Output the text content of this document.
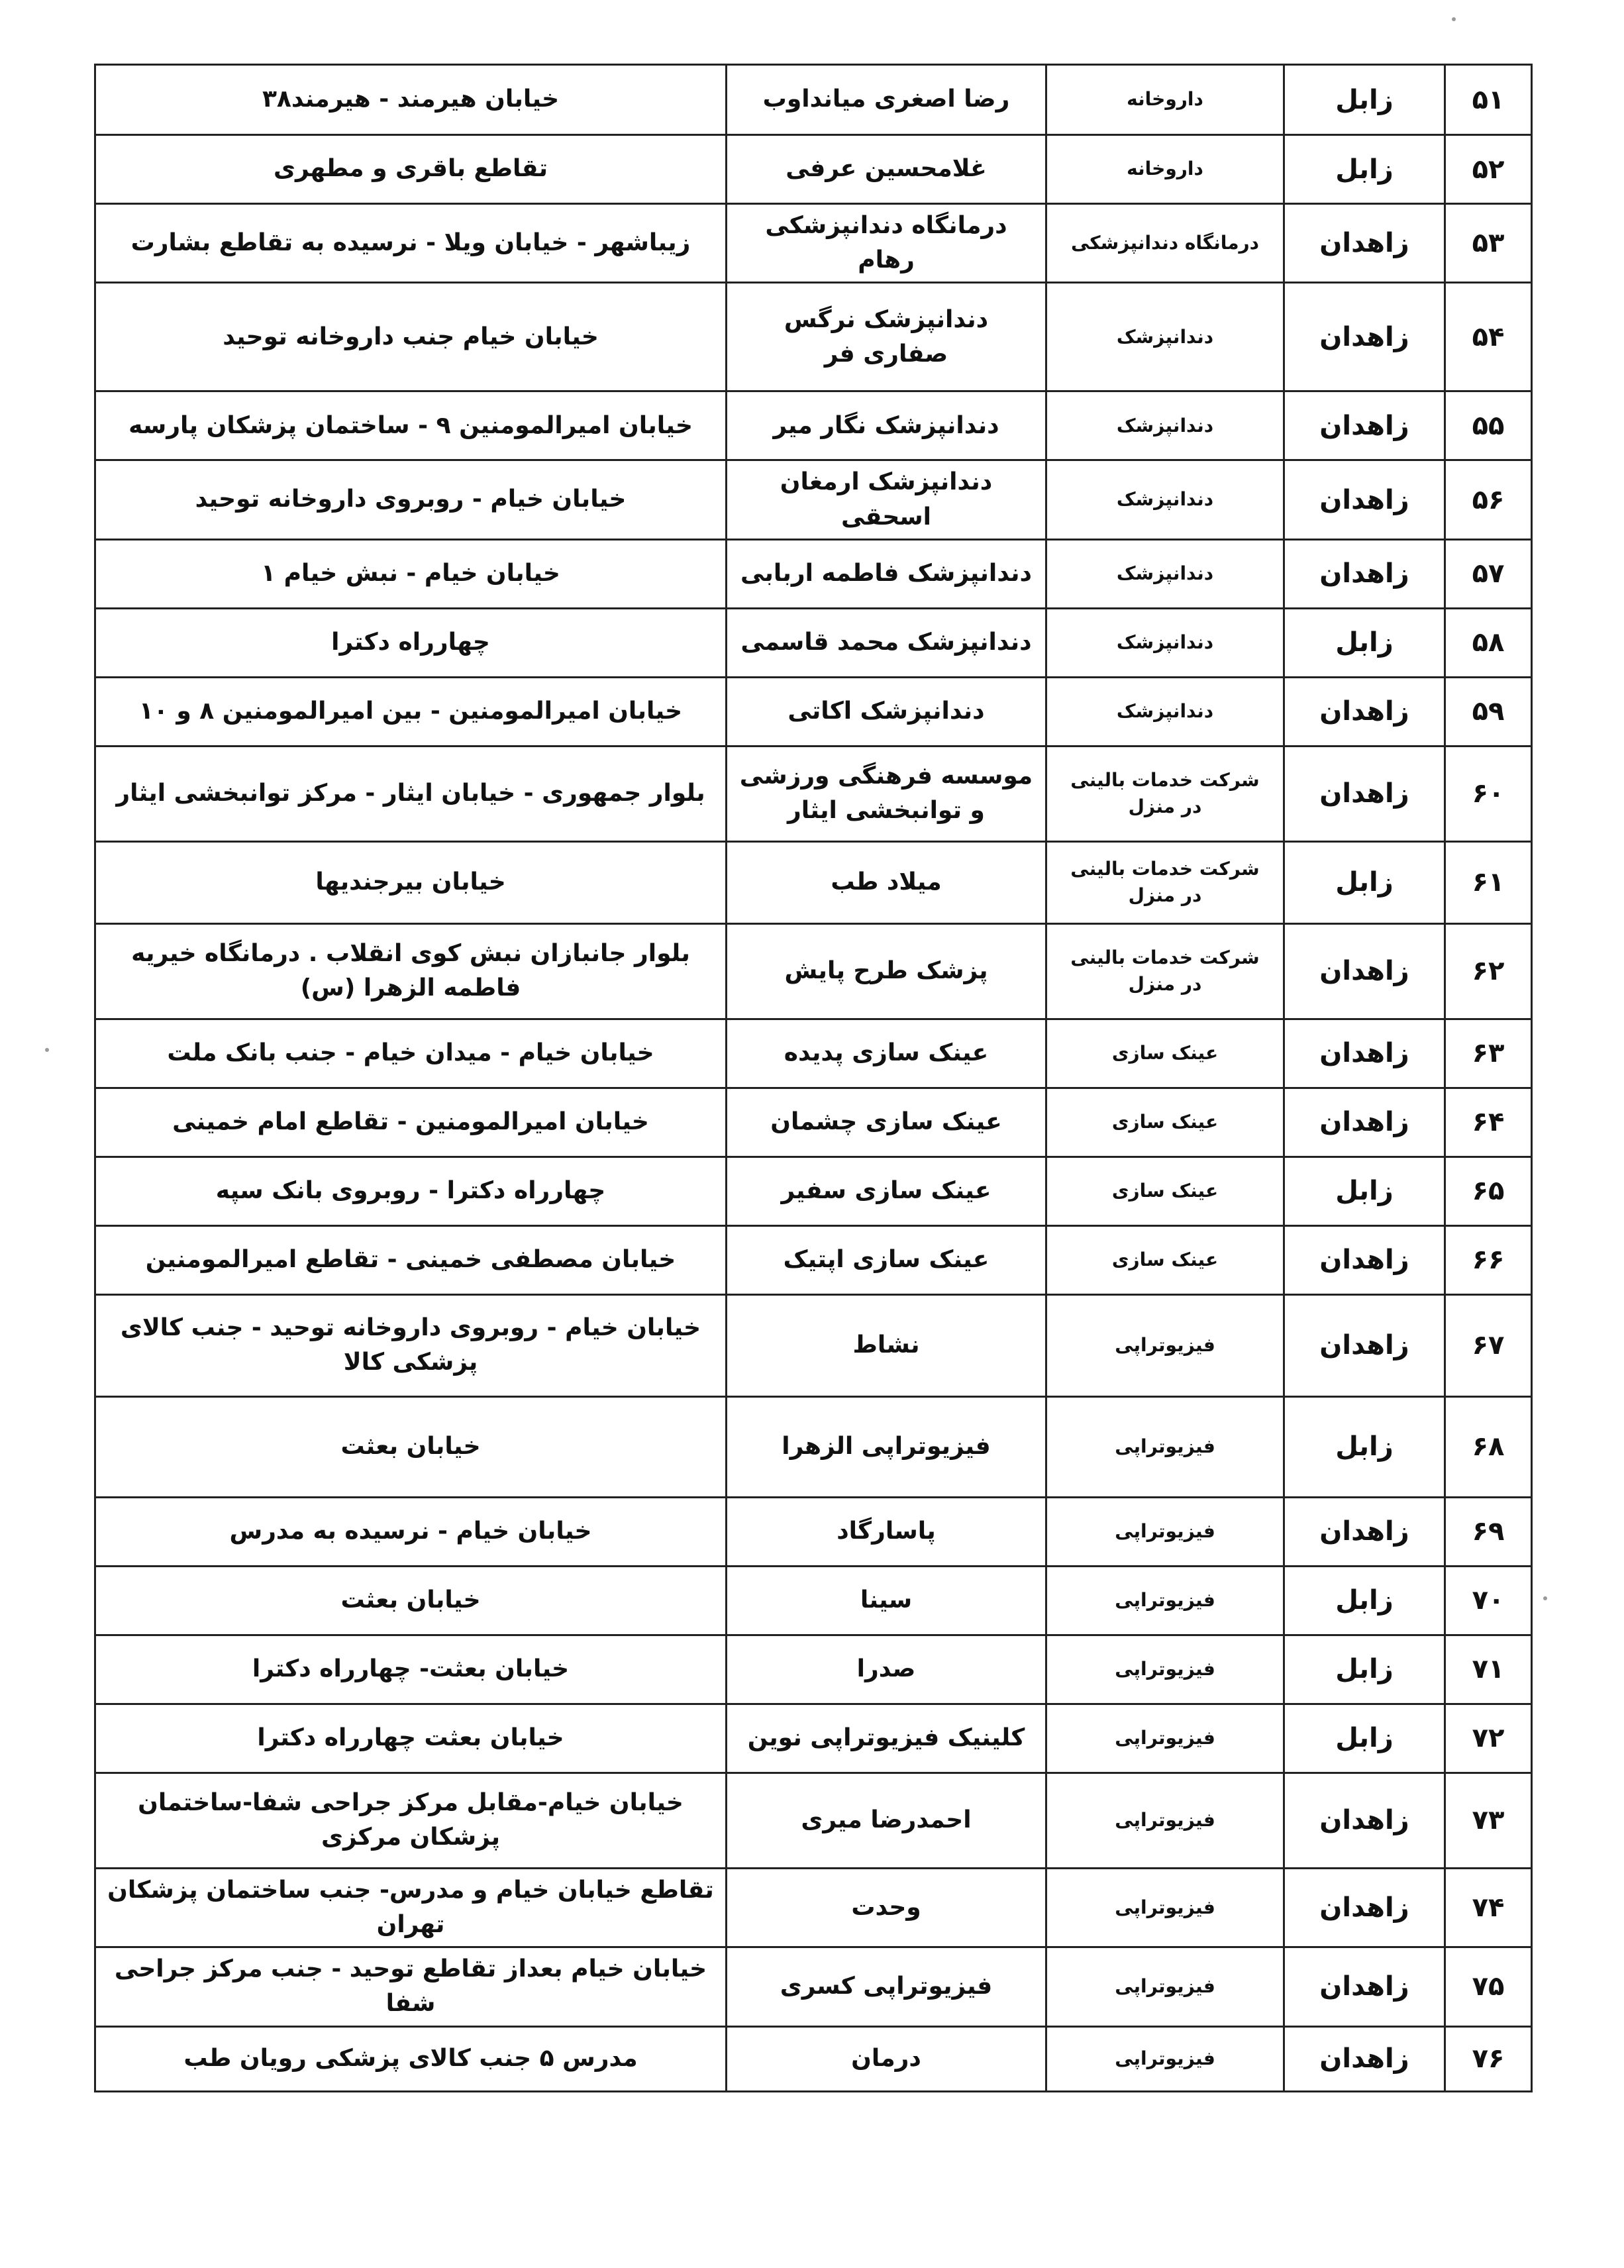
۵۱	زابل	داروخانه	رضا اصغری میانداوب	خیابان هیرمند - هیرمند۳۸
۵۲	زابل	داروخانه	غلامحسین عرفی	تقاطع باقری و مطهری
۵۳	زاهدان	درمانگاه دندانپزشکی	درمانگاه دندانپزشکی رهام	زیباشهر - خیابان ویلا - نرسیده به تقاطع بشارت
۵۴	زاهدان	دندانپزشک	دندانپزشک نرگس صفاری فر	خیابان خیام جنب داروخانه توحید
۵۵	زاهدان	دندانپزشک	دندانپزشک نگار میر	خیابان امیرالمومنین ۹ - ساختمان پزشکان پارسه
۵۶	زاهدان	دندانپزشک	دندانپزشک ارمغان اسحقی	خیابان خیام - روبروی داروخانه توحید
۵۷	زاهدان	دندانپزشک	دندانپزشک فاطمه اربابی	خیابان خیام - نبش خیام ۱
۵۸	زابل	دندانپزشک	دندانپزشک محمد قاسمی	چهارراه دکترا
۵۹	زاهدان	دندانپزشک	دندانپزشک اکاتی	خیابان امیرالمومنین - بین امیرالمومنین ۸ و ۱۰
۶۰	زاهدان	شرکت خدمات بالینی در منزل	موسسه فرهنگی ورزشی و توانبخشی ایثار	بلوار جمهوری - خیابان ایثار - مرکز توانبخشی ایثار
۶۱	زابل	شرکت خدمات بالینی در منزل	میلاد طب	خیابان بیرجندیها
۶۲	زاهدان	شرکت خدمات بالینی در منزل	پزشک طرح پایش	بلوار جانبازان نبش کوی انقلاب . درمانگاه خیریه فاطمه الزهرا (س)
۶۳	زاهدان	عینک سازی	عینک سازی پدیده	خیابان خیام - میدان خیام - جنب بانک ملت
۶۴	زاهدان	عینک سازی	عینک سازی چشمان	خیابان امیرالمومنین - تقاطع امام خمینی
۶۵	زابل	عینک سازی	عینک سازی سفیر	چهارراه دکترا - روبروی بانک سپه
۶۶	زاهدان	عینک سازی	عینک سازی اپتیک	خیابان مصطفی خمینی - تقاطع امیرالمومنین
۶۷	زاهدان	فیزیوتراپی	نشاط	خیابان خیام - روبروی داروخانه توحید - جنب کالای پزشکی کالا
۶۸	زابل	فیزیوتراپی	فیزیوتراپی الزهرا	خیابان بعثت
۶۹	زاهدان	فیزیوتراپی	پاسارگاد	خیابان خیام - نرسیده به مدرس
۷۰	زابل	فیزیوتراپی	سینا	خیابان بعثت
۷۱	زابل	فیزیوتراپی	صدرا	خیابان بعثت- چهارراه دکترا
۷۲	زابل	فیزیوتراپی	کلینیک فیزیوتراپی نوین	خیابان بعثت چهارراه دکترا
۷۳	زاهدان	فیزیوتراپی	احمدرضا میری	خیابان خیام-مقابل مرکز جراحی شفا-ساختمان پزشکان مرکزی
۷۴	زاهدان	فیزیوتراپی	وحدت	تقاطع خیابان خیام و مدرس- جنب ساختمان پزشکان تهران
۷۵	زاهدان	فیزیوتراپی	فیزیوتراپی کسری	خیابان خیام بعداز تقاطع توحید - جنب مرکز جراحی شفا
۷۶	زاهدان	فیزیوتراپی	درمان	مدرس ۵ جنب کالای پزشکی رویان طب
